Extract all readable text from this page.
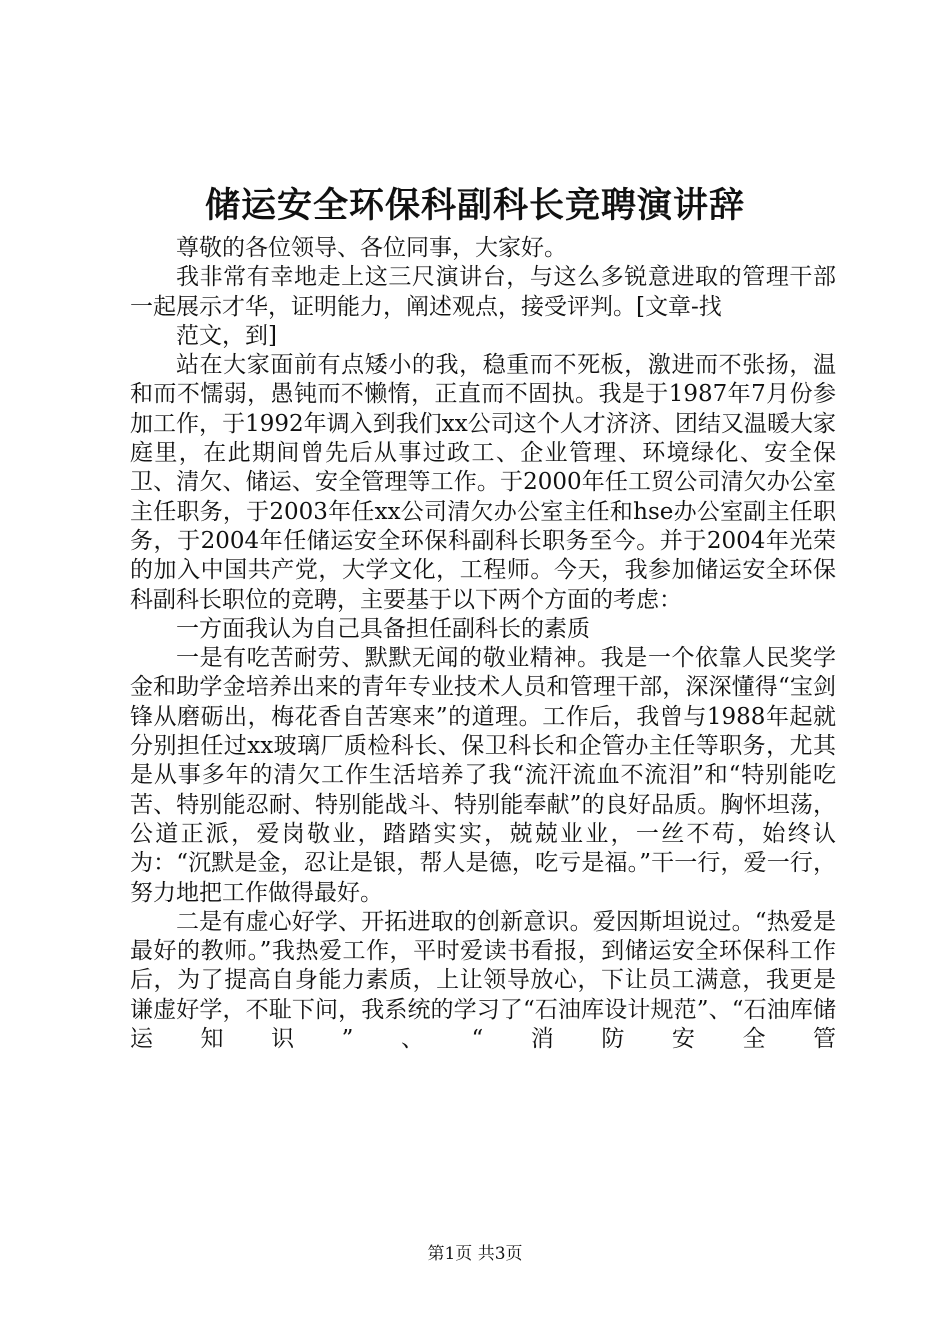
储运安全环保科副科长竞聘演讲辞

尊敬的各位领导、各位同事，大家好。

我非常有幸地走上这三尺演讲台，与这么多锐意进取的管理干部一起展示才华，证明能力，阐述观点，接受评判。[文章-找

范文，到]

站在大家面前有点矮小的我，稳重而不死板，激进而不张扬，温和而不懦弱，愚钝而不懒惰，正直而不固执。我是于1987年7月份参加工作，于1992年调入到我们xx公司这个人才济济、团结又温暖大家庭里，在此期间曾先后从事过政工、企业管理、环境绿化、安全保卫、清欠、储运、安全管理等工作。于2000年任工贸公司清欠办公室主任职务，于2003年任xx公司清欠办公室主任和hse办公室副主任职务，于2004年任储运安全环保科副科长职务至今。并于2004年光荣的加入中国共产党，大学文化，工程师。今天，我参加储运安全环保科副科长职位的竞聘，主要基于以下两个方面的考虑：

一方面我认为自己具备担任副科长的素质

一是有吃苦耐劳、默默无闻的敬业精神。我是一个依靠人民奖学金和助学金培养出来的青年专业技术人员和管理干部，深深懂得“宝剑锋从磨砺出，梅花香自苦寒来”的道理。工作后，我曾与1988年起就分别担任过xx玻璃厂质检科长、保卫科长和企管办主任等职务，尤其是从事多年的清欠工作生活培养了我“流汗流血不流泪”和“特别能吃苦、特别能忍耐、特别能战斗、特别能奉献”的良好品质。胸怀坦荡，公道正派，爱岗敬业，踏踏实实，兢兢业业，一丝不苟，始终认为：“沉默是金，忍让是银，帮人是德，吃亏是福。”干一行，爱一行，努力地把工作做得最好。

二是有虚心好学、开拓进取的创新意识。爱因斯坦说过。“热爱是最好的教师。”我热爱工作，平时爱读书看报，到储运安全环保科工作后，为了提高自身能力素质，上让领导放心，下让员工满意，我更是谦虚好学，不耻下问，我系统的学习了“石油库设计规范”、“石油库储运知识”、“消防安全管

第1页 共3页
